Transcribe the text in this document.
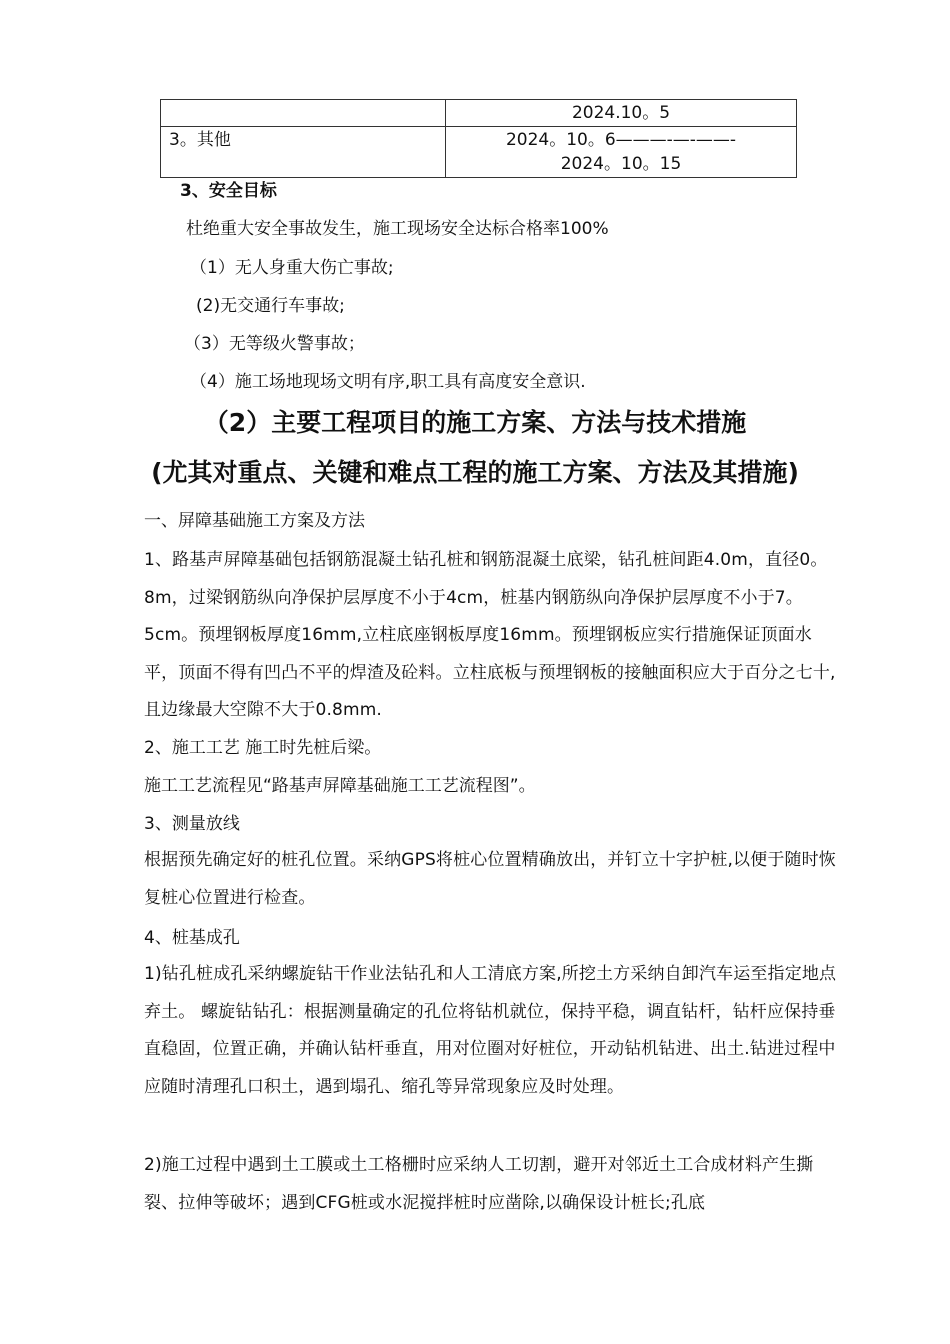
	2024.10。5
3。其他	2024。10。6———-—-——-
2024。10。15
3、安全目标
杜绝重大安全事故发生，施工现场安全达标合格率100%
（1）无人身重大伤亡事故;
(2)无交通行车事故;
（3）无等级火警事故；
（4）施工场地现场文明有序,职工具有高度安全意识.
（2）主要工程项目的施工方案、方法与技术措施
(尤其对重点、关键和难点工程的施工方案、方法及其措施)
一、屏障基础施工方案及方法
1、路基声屏障基础包括钢筋混凝土钻孔桩和钢筋混凝土底梁，钻孔桩间距4.0m，直径0。8m，过梁钢筋纵向净保护层厚度不小于4cm，桩基内钢筋纵向净保护层厚度不小于7。5cm。预埋钢板厚度16mm,立柱底座钢板厚度16mm。预埋钢板应实行措施保证顶面水平，顶面不得有凹凸不平的焊渣及砼料。立柱底板与预埋钢板的接触面积应大于百分之七十,且边缘最大空隙不大于0.8mm.
2、施工工艺 施工时先桩后梁。
施工工艺流程见“路基声屏障基础施工工艺流程图”。
3、测量放线
根据预先确定好的桩孔位置。采纳GPS将桩心位置精确放出，并钉立十字护桩,以便于随时恢复桩心位置进行检查。
4、桩基成孔
1)钻孔桩成孔采纳螺旋钻干作业法钻孔和人工清底方案,所挖土方采纳自卸汽车运至指定地点弃土。 螺旋钻钻孔：根据测量确定的孔位将钻机就位，保持平稳，调直钻杆，钻杆应保持垂直稳固，位置正确，并确认钻杆垂直，用对位圈对好桩位，开动钻机钻进、出土.钻进过程中应随时清理孔口积土，遇到塌孔、缩孔等异常现象应及时处理。
2)施工过程中遇到土工膜或土工格栅时应采纳人工切割，避开对邻近土工合成材料产生撕裂、拉伸等破坏；遇到CFG桩或水泥搅拌桩时应凿除,以确保设计桩长;孔底
